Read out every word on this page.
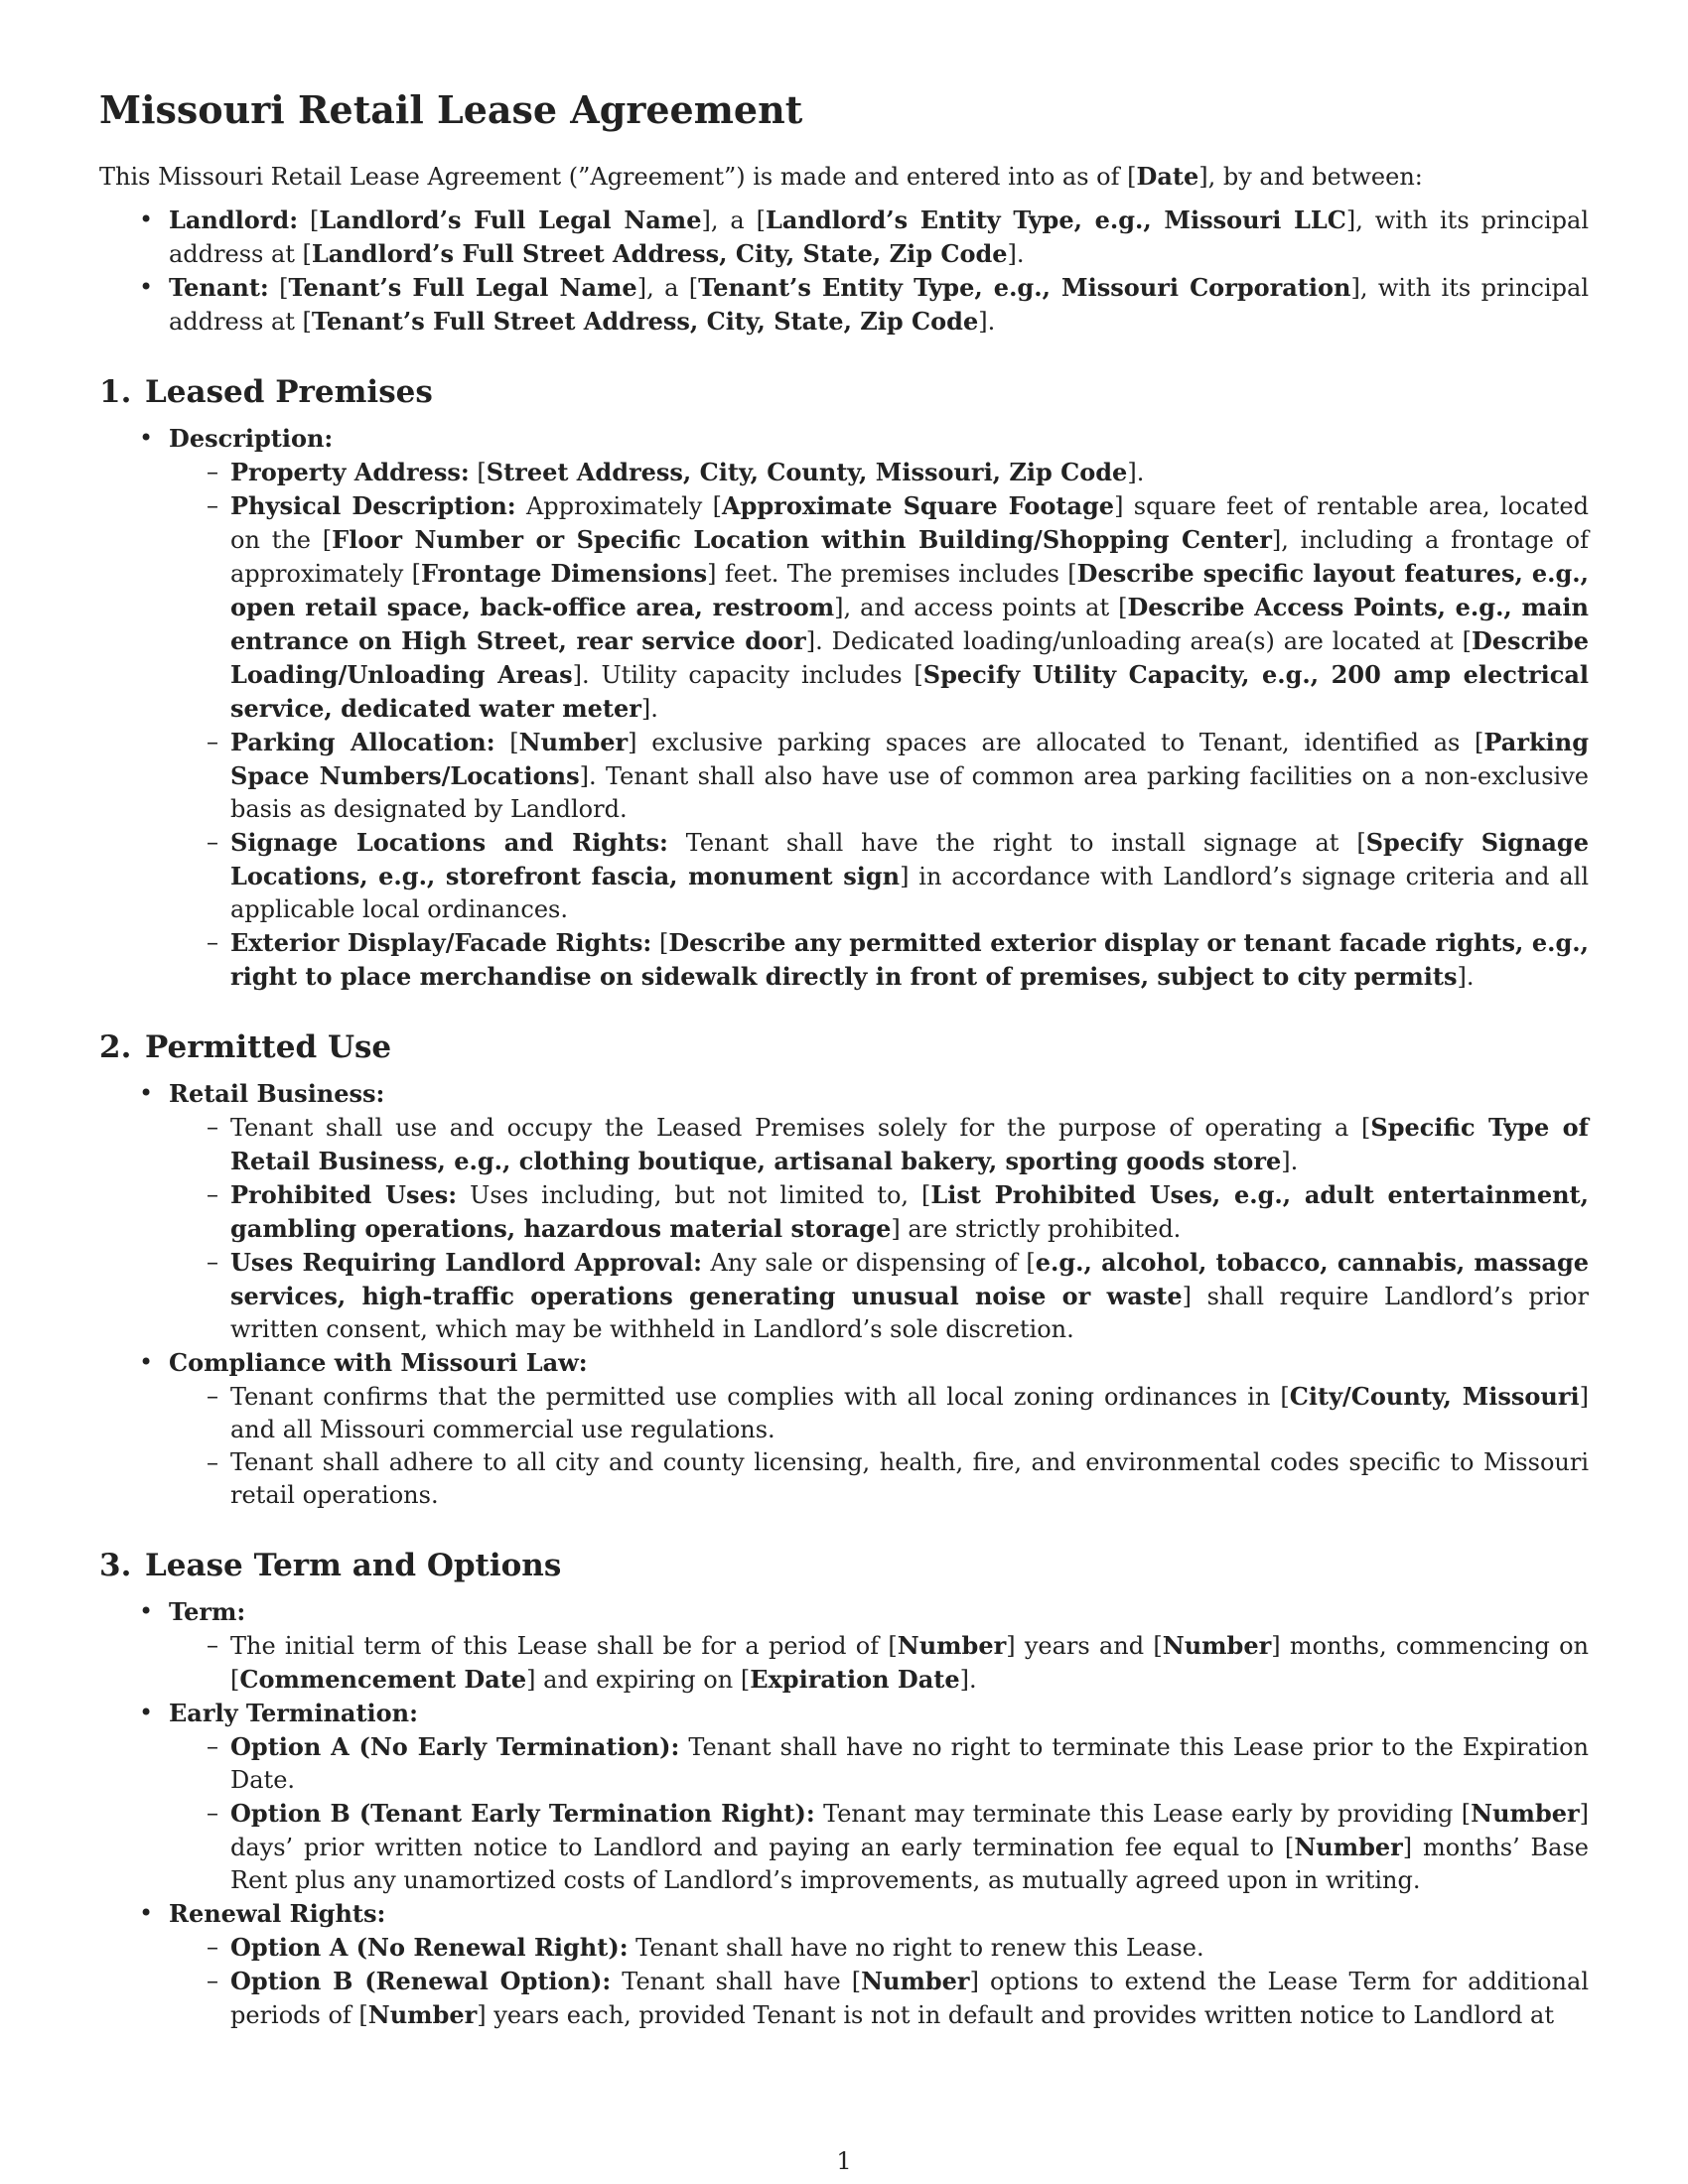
Missouri Retail Lease Agreement

This Missouri Retail Lease Agreement (”Agreement”) is made and entered into as of [Date], by and between:

• Landlord: [Landlord’s Full Legal Name], a [Landlord’s Entity Type, e.g., Missouri LLC], with its principal address at [Landlord’s Full Street Address, City, State, Zip Code].
• Tenant: [Tenant’s Full Legal Name], a [Tenant’s Entity Type, e.g., Missouri Corporation], with its principal address at [Tenant’s Full Street Address, City, State, Zip Code].
1. Leased Premises
• Description:
– Property Address: [Street Address, City, County, Missouri, Zip Code].
– Physical Description: Approximately [Approximate Square Footage] square feet of rentable area, located on the [Floor Number or Specific Location within Building/Shopping Center], including a frontage of approximately [Frontage Dimensions] feet. The premises includes [Describe specific layout features, e.g., open retail space, back-office area, restroom], and access points at [Describe Access Points, e.g., main entrance on High Street, rear service door]. Dedicated loading/unloading area(s) are located at [Describe Loading/Unloading Areas]. Utility capacity includes [Specify Utility Capacity, e.g., 200 amp electrical service, dedicated water meter].
– Parking Allocation: [Number] exclusive parking spaces are allocated to Tenant, identified as [Parking Space Numbers/Locations]. Tenant shall also have use of common area parking facilities on a non-exclusive basis as designated by Landlord.
– Signage Locations and Rights: Tenant shall have the right to install signage at [Specify Signage Locations, e.g., storefront fascia, monument sign] in accordance with Landlord’s signage criteria and all applicable local ordinances.
– Exterior Display/Facade Rights: [Describe any permitted exterior display or tenant facade rights, e.g., right to place merchandise on sidewalk directly in front of premises, subject to city permits].
2. Permitted Use
• Retail Business:
– Tenant shall use and occupy the Leased Premises solely for the purpose of operating a [Specific Type of Retail Business, e.g., clothing boutique, artisanal bakery, sporting goods store].
– Prohibited Uses: Uses including, but not limited to, [List Prohibited Uses, e.g., adult entertainment, gambling operations, hazardous material storage] are strictly prohibited.
– Uses Requiring Landlord Approval: Any sale or dispensing of [e.g., alcohol, tobacco, cannabis, massage services, high-traffic operations generating unusual noise or waste] shall require Landlord’s prior written consent, which may be withheld in Landlord’s sole discretion.
• Compliance with Missouri Law:
– Tenant confirms that the permitted use complies with all local zoning ordinances in [City/County, Missouri] and all Missouri commercial use regulations.
– Tenant shall adhere to all city and county licensing, health, fire, and environmental codes specific to Missouri retail operations.
3. Lease Term and Options
• Term:
– The initial term of this Lease shall be for a period of [Number] years and [Number] months, commencing on [Commencement Date] and expiring on [Expiration Date].
• Early Termination:
– Option A (No Early Termination): Tenant shall have no right to terminate this Lease prior to the Expiration Date.
– Option B (Tenant Early Termination Right): Tenant may terminate this Lease early by providing [Number] days’ prior written notice to Landlord and paying an early termination fee equal to [Number] months’ Base Rent plus any unamortized costs of Landlord’s improvements, as mutually agreed upon in writing.
• Renewal Rights:
– Option A (No Renewal Right): Tenant shall have no right to renew this Lease.
– Option B (Renewal Option): Tenant shall have [Number] options to extend the Lease Term for additional periods of [Number] years each, provided Tenant is not in default and provides written notice to Landlord at
1
